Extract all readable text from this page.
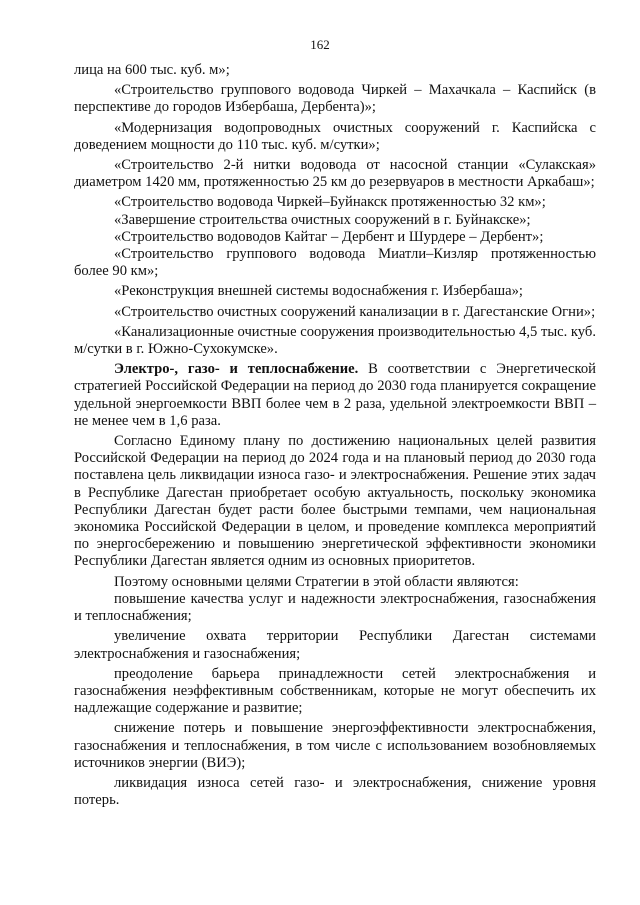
162

лица на 600 тыс. куб. м»;

«Строительство группового водовода Чиркей – Махачкала – Каспийск (в перспективе до городов Избербаша, Дербента)»;

«Модернизация водопроводных очистных сооружений г. Каспийска с доведением мощности до 110 тыс. куб. м/сутки»;

«Строительство 2-й нитки водовода от насосной станции «Сулакская» диаметром 1420 мм, протяженностью 25 км до резервуаров в местности Аркабаш»;

«Строительство водовода Чиркей–Буйнакск протяженностью 32 км»;

«Завершение строительства очистных сооружений в г. Буйнакске»;

«Строительство водоводов Кайтаг – Дербент и Шурдере – Дербент»;

«Строительство группового водовода Миатли–Кизляр протяженностью более 90 км»;

«Реконструкция внешней системы водоснабжения г. Избербаша»;

«Строительство очистных сооружений канализации в г. Дагестанские Огни»;

«Канализационные очистные сооружения производительностью 4,5 тыс. куб. м/сутки в г. Южно-Сухокумске».

Электро-, газо- и теплоснабжение. В соответствии с Энергетической стратегией Российской Федерации на период до 2030 года планируется сокращение удельной энергоемкости ВВП более чем в 2 раза, удельной электроемкости ВВП – не менее чем в 1,6 раза.

Согласно Единому плану по достижению национальных целей развития Российской Федерации на период до 2024 года и на плановый период до 2030 года поставлена цель ликвидации износа газо- и электроснабжения. Решение этих задач в Республике Дагестан приобретает особую актуальность, поскольку экономика Республики Дагестан будет расти более быстрыми темпами, чем национальная экономика Российской Федерации в целом, и проведение комплекса мероприятий по энергосбережению и повышению энергетической эффективности экономики Республики Дагестан является одним из основных приоритетов.

Поэтому основными целями Стратегии в этой области являются:

повышение качества услуг и надежности электроснабжения, газоснабжения и теплоснабжения;

увеличение охвата территории Республики Дагестан системами электроснабжения и газоснабжения;

преодоление барьера принадлежности сетей электроснабжения и газоснабжения неэффективным собственникам, которые не могут обеспечить их надлежащие содержание и развитие;

снижение потерь и повышение энергоэффективности электроснабжения, газоснабжения и теплоснабжения, в том числе с использованием возобновляемых источников энергии (ВИЭ);

ликвидация износа сетей газо- и электроснабжения, снижение уровня потерь.
